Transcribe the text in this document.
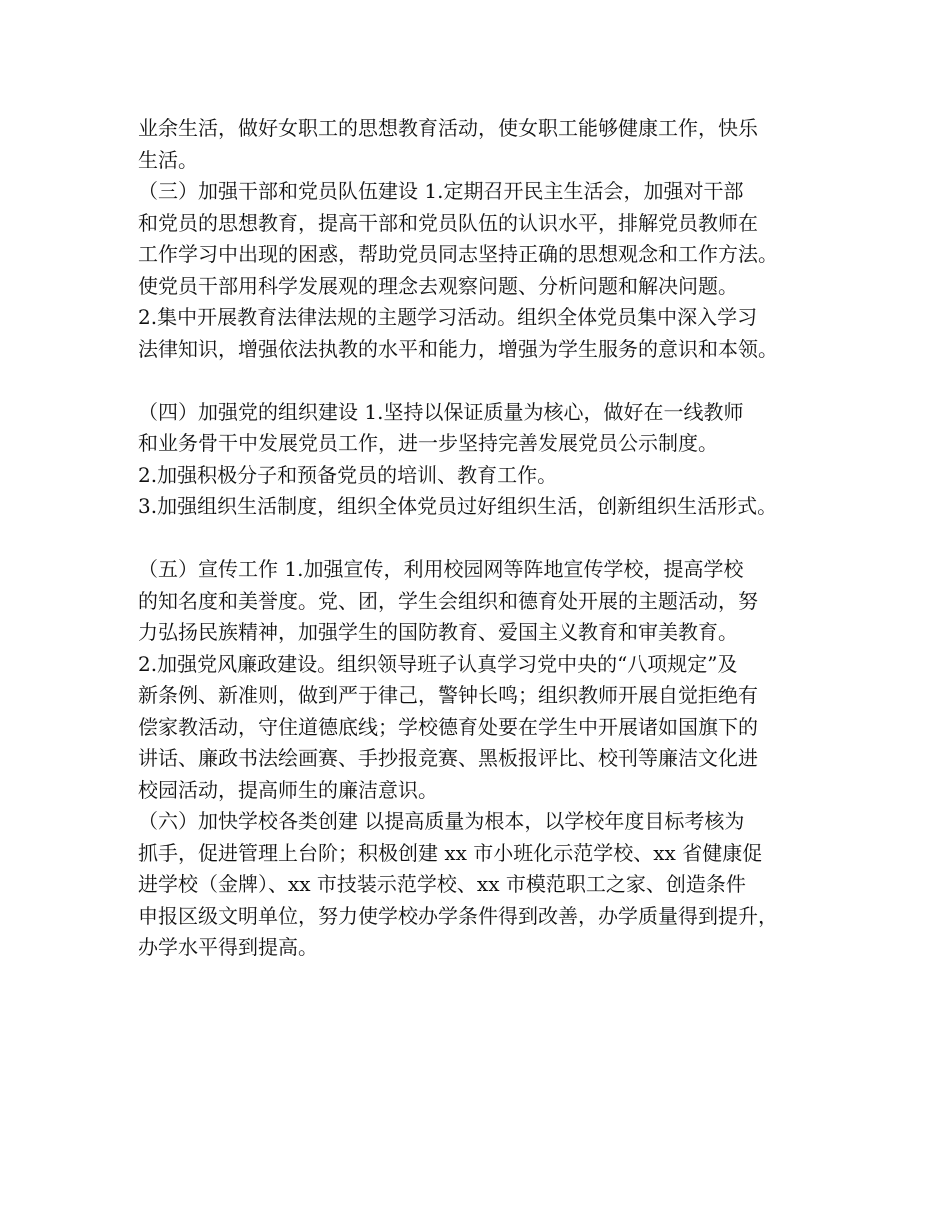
业余生活，做好女职工的思想教育活动，使女职工能够健康工作，快乐
生活。
（三）加强干部和党员队伍建设 1.定期召开民主生活会，加强对干部
和党员的思想教育，提高干部和党员队伍的认识水平，排解党员教师在
工作学习中出现的困惑，帮助党员同志坚持正确的思想观念和工作方法。
使党员干部用科学发展观的理念去观察问题、分析问题和解决问题。
2.集中开展教育法律法规的主题学习活动。组织全体党员集中深入学习
法律知识，增强依法执教的水平和能力，增强为学生服务的意识和本领。
（四）加强党的组织建设 1.坚持以保证质量为核心，做好在一线教师
和业务骨干中发展党员工作，进一步坚持完善发展党员公示制度。
2.加强积极分子和预备党员的培训、教育工作。
3.加强组织生活制度，组织全体党员过好组织生活，创新组织生活形式。
（五）宣传工作 1.加强宣传，利用校园网等阵地宣传学校，提高学校
的知名度和美誉度。党、团，学生会组织和德育处开展的主题活动，努
力弘扬民族精神，加强学生的国防教育、爱国主义教育和审美教育。
2.加强党风廉政建设。组织领导班子认真学习党中央的“八项规定”及
新条例、新准则，做到严于律己，警钟长鸣；组织教师开展自觉拒绝有
偿家教活动，守住道德底线；学校德育处要在学生中开展诸如国旗下的
讲话、廉政书法绘画赛、手抄报竞赛、黑板报评比、校刊等廉洁文化进
校园活动，提高师生的廉洁意识。
（六）加快学校各类创建 以提高质量为根本，以学校年度目标考核为
抓手，促进管理上台阶；积极创建 xx 市小班化示范学校、xx 省健康促
进学校（金牌）、xx 市技装示范学校、xx 市模范职工之家、创造条件
申报区级文明单位，努力使学校办学条件得到改善，办学质量得到提升，
办学水平得到提高。
